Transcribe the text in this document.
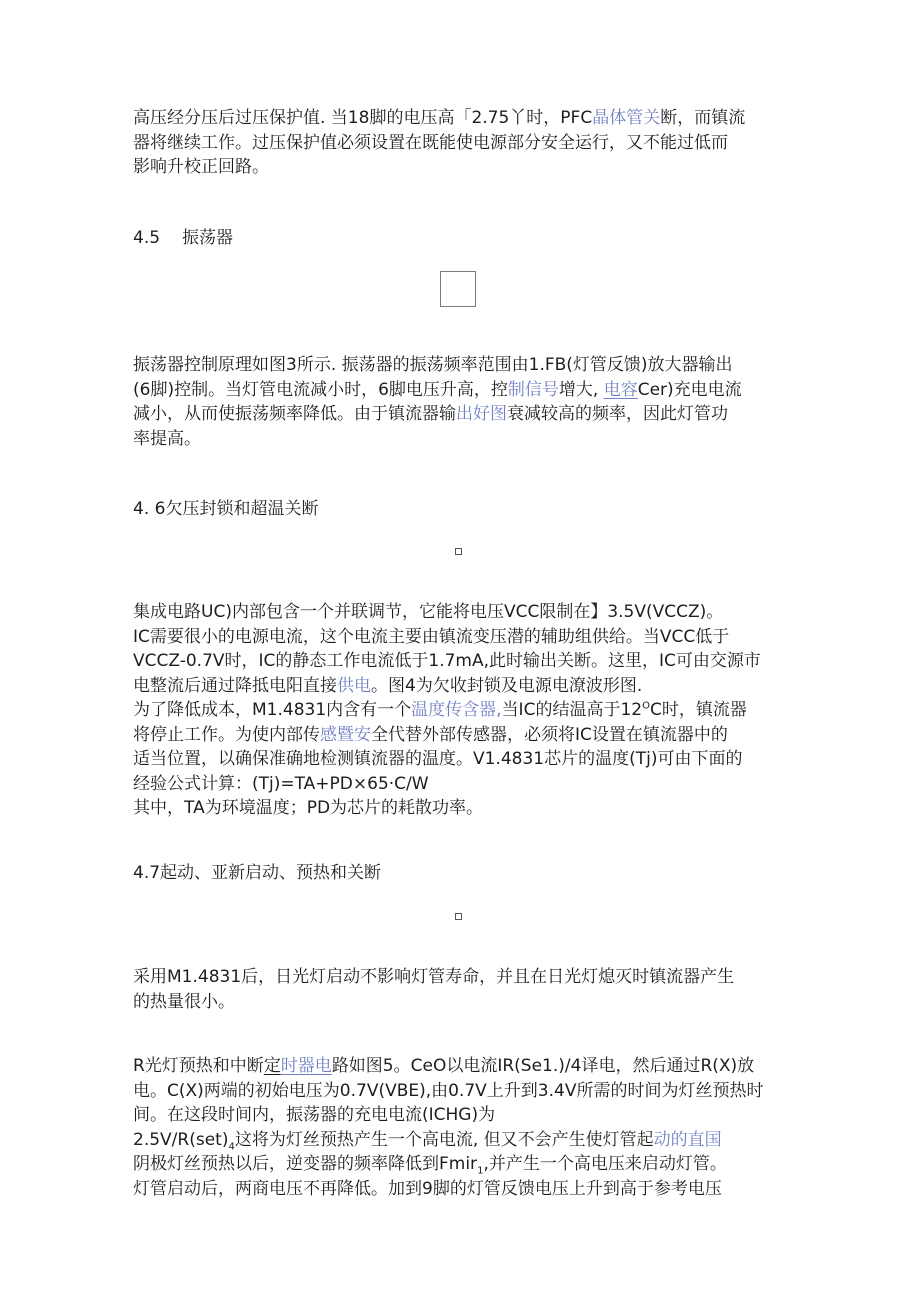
高压经分压后过压保护值. 当18脚的电压高「2.75丫时，PFC晶体管关断，而镇流
器将继续工作。过压保护值必须设置在既能使电源部分安全运行，又不能过低而
影响升校正回路。
4.5 振荡器
振荡器控制原理如图3所示. 振荡器的振荡频率范围由1.FB(灯管反馈)放大器输出
(6脚)控制。当灯管电流减小时，6脚电压升高，控制信号增大, 电容Cer)充电电流
减小，从而使振荡频率降低。由于镇流器输出好图衰减较高的频率，因此灯管功
率提高。
4. 6欠压封锁和超温关断
集成电路UC)内部包含一个并联调节，它能将电压VCC限制在】3.5V(VCCZ)。
IC需要很小的电源电流，这个电流主要由镇流变压潜的辅助组供给。当VCC低于
VCCZ-0.7V时，IC的静态工作电流低于1.7mA,此时输出关断。这里，IC可由交源市
电整流后通过降抵电阳直接供电。图4为欠收封锁及电源电潦波形图.
为了降低成本，M1.4831内含有一个温度传含器,当IC的结温高于$12^OC$时，镇流器
将停止工作。为使内部传感暨安全代替外部传感器，必须将IC设置在镇流器中的
适当位置，以确保准确地检测镇流器的温度。V1.4831芯片的温度(Tj)可由下面的
经验公式计算：(Tj)=TA+PD×65·C/W
其中，TA为环境温度；PD为芯片的耗散功率。
4.7起动、亚新启动、预热和关断
采用M1.4831后，日光灯启动不影响灯管寿命，并且在日光灯熄灭时镇流器产生
的热量很小。
R光灯预热和中断定时器电路如图5。CeO以电流IR(Se1.)/4译电，然后通过R(X)放
电。C(X)两端的初始电压为0.7V(VBE),由0.7V上升到3.4V所需的时间为灯丝预热时
间。在这段时间内，振荡器的充电电流(ICHG)为
$2.5V/R(set)_4$这将为灯丝预热产生一个高电流, 但又不会产生使灯管起动的直国
阴极灯丝预热以后，逆变器的频率降低到Fmir$_1$,并产生一个高电压来启动灯管。
灯管启动后，两商电压不再降低。加到9脚的灯管反馈电压上升到高于参考电压
